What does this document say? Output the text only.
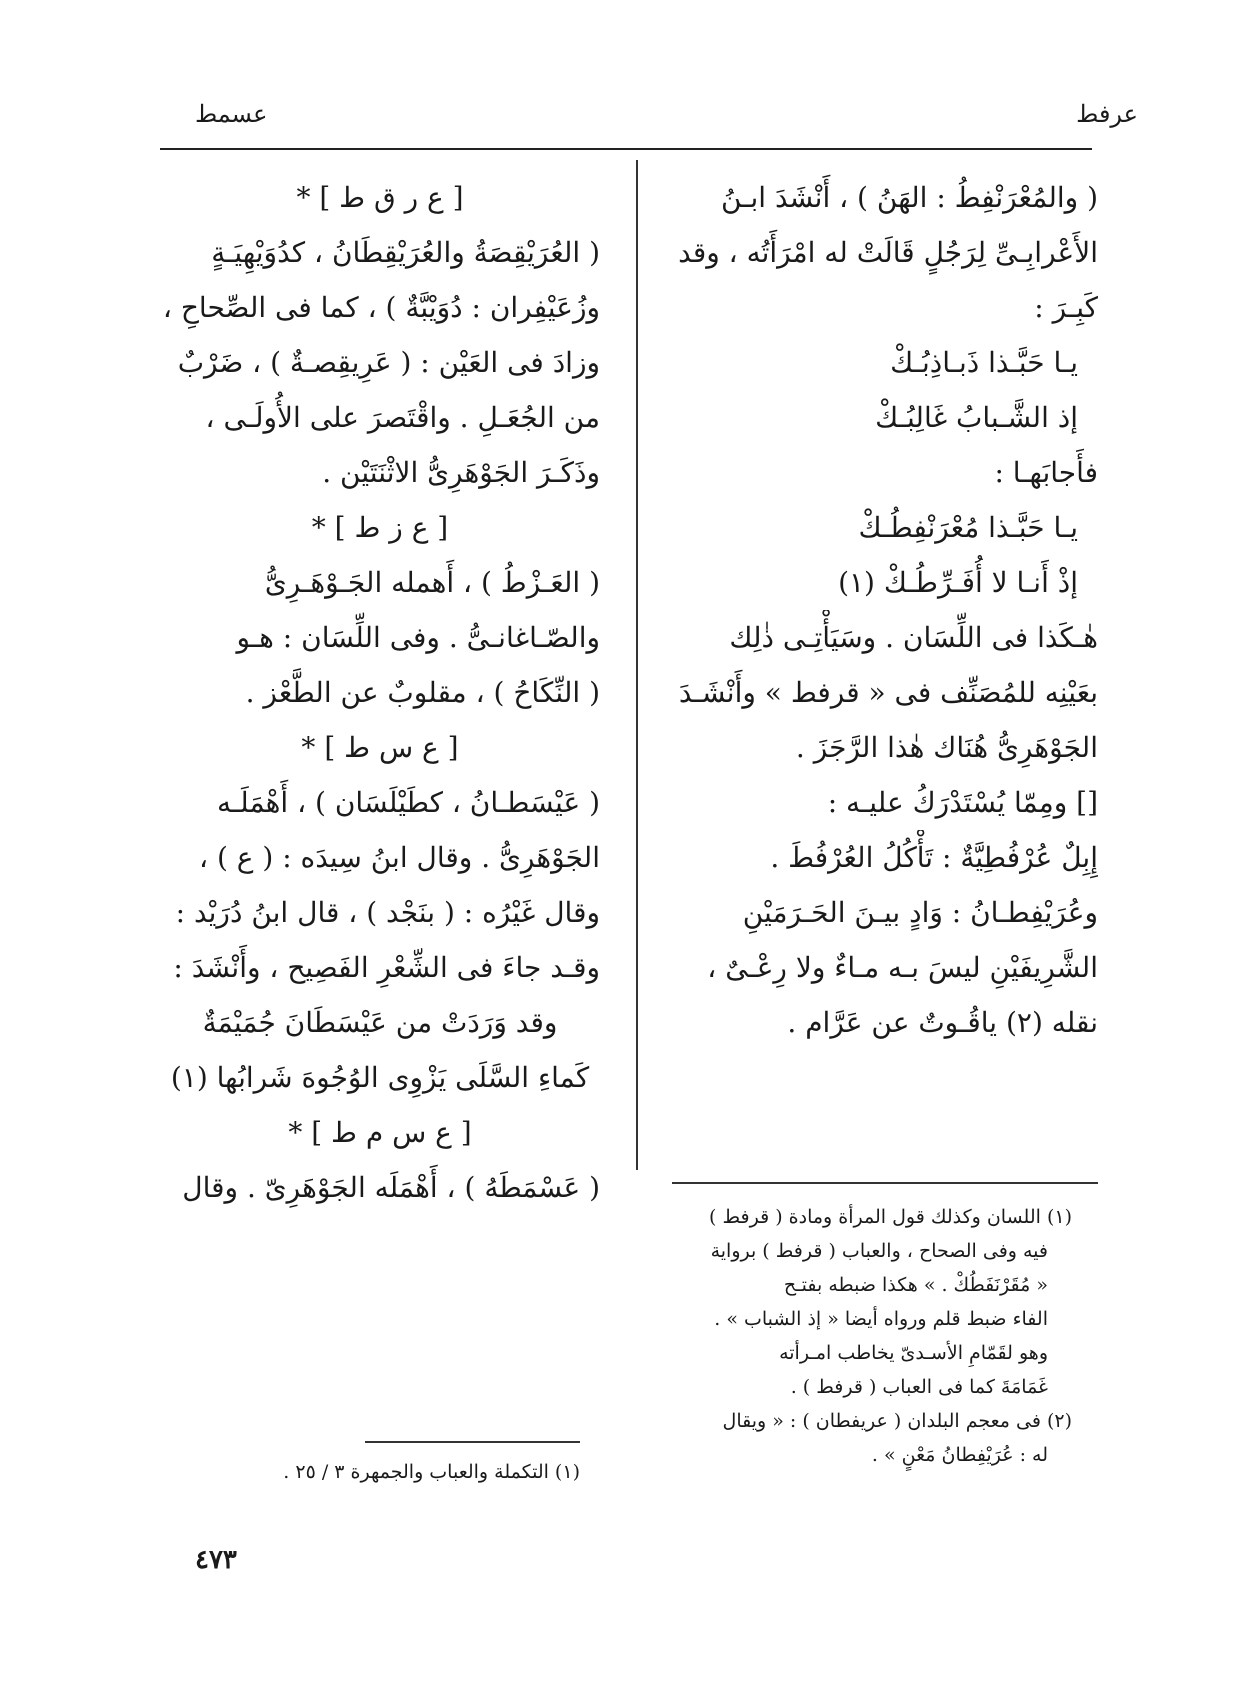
عرفط
عسمط
( والمُعْرَنْفِطُ : الهَنُ ) ، أَنْشَدَ ابـنُ
الأَعْرابِـىِّ لِرَجُلٍ قَالَتْ له امْرَأَتُه ، وقد
كَبِـرَ :
يـا حَبَّـذا ذَبـاذِبُـكْ
إذ الشَّـبابُ غَالِبُـكْ
فأَجابَهـا :
يـا حَبَّـذا مُعْرَنْفِطُـكْ
إذْ أَنـا لا أُفَـرِّطُـكْ (١)
هٰـكَذا فى اللِّسَان . وسَيَأْتِـى ذٰلِك
بعَيْنِه للمُصَنِّف فى « قرفط » وأَنْشَـدَ
الجَوْهَرِىُّ هُنَاك هٰذا الرَّجَزَ .
[] ومِمّا يُسْتَدْرَكُ عليـه :
إِبِلٌ عُرْفُطِيَّةٌ : تَأْكُلُ العُرْفُطَ .
وعُرَيْفِطـانُ : وَادٍ بيـنَ الحَـرَمَيْنِ
الشَّرِيفَيْنِ ليسَ بـه مـاءٌ ولا رِعْـىٌ ،
نقله (٢) ياقُـوتٌ عن عَرَّام .
(١) اللسان وكذلك قول المرأة ومادة ( قرفط )
فيه وفى الصحاح ، والعباب ( قرفط ) برواية
« مُقَرْنَفَطُكْ . » هكذا ضبطه بفتـح
الفاء ضبط قلم ورواه أيضا « إذ الشباب » .
وهو لقَمّامِ الأسـدىّ يخاطب امـرأته
غَمَامَةَ كما فى العباب ( قرفط ) .
(٢) فى معجم البلدان ( عريفطان ) : « ويقال
له : عُرَيْفِطانُ مَعْنٍ » .
[ ع ر ق ط ] *
( العُرَيْقِصَةُ والعُرَيْقِطَانُ ، كدُوَيْهِيَـةٍ
وزُعَيْفِران : دُوَيْبَّةٌ ) ، كما فى الصِّحاحِ ،
وزادَ فى العَيْن : ( عَرِيقِصـةٌ ) ، ضَرْبٌ
من الجُعَـلِ . واقْتَصرَ على الأُولَـى ،
وذَكَـرَ الجَوْهَرِىُّ الاثْنَتَيْن .
[ ع ز ط ] *
( العَـزْطُ ) ، أَهمله الجَـوْهَـرِىُّ
والصّـاغانـىُّ . وفى اللِّسَان : هـو
( النِّكَاحُ ) ، مقلوبٌ عن الطَّعْز .
[ ع س ط ] *
( عَيْسَطـانُ ، كطَيْلَسَان ) ، أَهْمَلَـه
الجَوْهَرِىُّ . وقال ابنُ سِيدَه : ( ع ) ،
وقال غَيْرُه : ( بنَجْد ) ، قال ابنُ دُرَيْد :
وقـد جاءَ فى الشِّعْرِ الفَصِيح ، وأَنْشَدَ :
وقد وَرَدَتْ من عَيْسَطَانَ جُمَيْمَةٌ
كَماءِ السَّلَى يَزْوِى الوُجُوهَ شَرابُها (١)
[ ع س م ط ] *
( عَسْمَطَهُ ) ، أَهْمَلَه الجَوْهَرِىّ . وقال
(١) التكملة والعباب والجمهرة ٣ / ٢٥ .
٤٧٣
